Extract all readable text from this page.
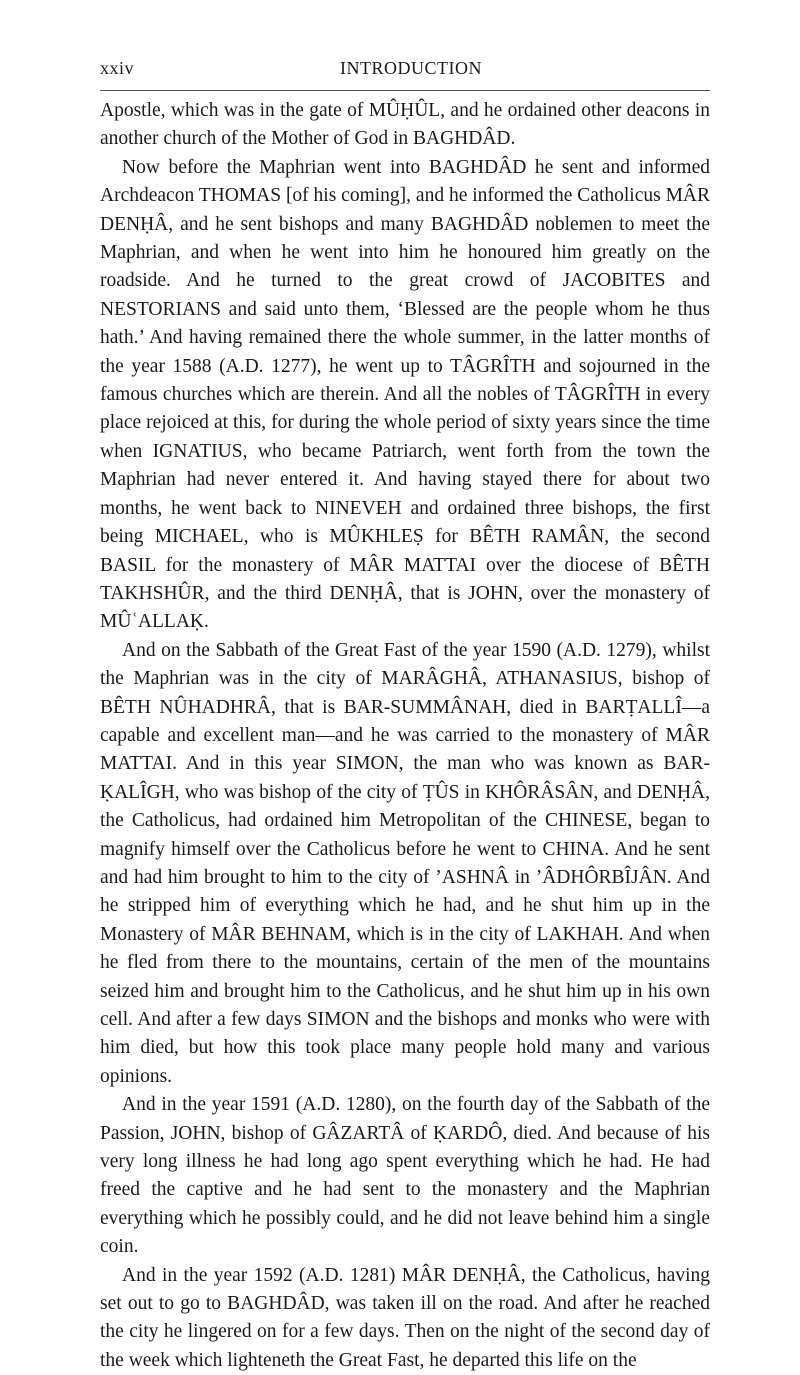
xxiv	INTRODUCTION

Apostle, which was in the gate of MÛḤÛL, and he ordained other deacons in another church of the Mother of God in BAGHDÂD.

Now before the Maphrian went into BAGHDÂD he sent and informed Archdeacon THOMAS [of his coming], and he informed the Catholicus MÂR DENḤÂ, and he sent bishops and many BAGHDÂD noblemen to meet the Maphrian, and when he went into him he honoured him greatly on the roadside. And he turned to the great crowd of JACOBITES and NESTORIANS and said unto them, ‘Blessed are the people whom he thus hath.’ And having remained there the whole summer, in the latter months of the year 1588 (A.D. 1277), he went up to TÂGRÎTH and sojourned in the famous churches which are therein. And all the nobles of TÂGRÎTH in every place rejoiced at this, for during the whole period of sixty years since the time when IGNATIUS, who became Patriarch, went forth from the town the Maphrian had never entered it. And having stayed there for about two months, he went back to NINEVEH and ordained three bishops, the first being MICHAEL, who is MÛKHLEṢ for BÊTH RAMÂN, the second BASIL for the monastery of MÂR MATTAI over the diocese of BÊTH TAKHSHÛR, and the third DENḤÂ, that is JOHN, over the monastery of MÛʿALLAḲ.

And on the Sabbath of the Great Fast of the year 1590 (A.D. 1279), whilst the Maphrian was in the city of MARÂGHÂ, ATHANASIUS, bishop of BÊTH NÛHADHRÂ, that is BAR-SUMMÂNAH, died in BARṬALLÎ—a capable and excellent man—and he was carried to the monastery of MÂR MATTAI. And in this year SIMON, the man who was known as BAR-ḲALÎGH, who was bishop of the city of ṬÛS in KHÔRÂSÂN, and DENḤÂ, the Catholicus, had ordained him Metropolitan of the CHINESE, began to magnify himself over the Catholicus before he went to CHINA. And he sent and had him brought to him to the city of ’ASHNÂ in ’ÂDHÔRBÎJÂN. And he stripped him of everything which he had, and he shut him up in the Monastery of MÂR BEHNAM, which is in the city of LAKHAH. And when he fled from there to the mountains, certain of the men of the mountains seized him and brought him to the Catholicus, and he shut him up in his own cell. And after a few days SIMON and the bishops and monks who were with him died, but how this took place many people hold many and various opinions.

And in the year 1591 (A.D. 1280), on the fourth day of the Sabbath of the Passion, JOHN, bishop of GÂZARTÂ of ḲARDÔ, died. And because of his very long illness he had long ago spent everything which he had. He had freed the captive and he had sent to the monastery and the Maphrian everything which he possibly could, and he did not leave behind him a single coin.

And in the year 1592 (A.D. 1281) MÂR DENḤÂ, the Catholicus, having set out to go to BAGHDÂD, was taken ill on the road. And after he reached the city he lingered on for a few days. Then on the night of the second day of the week which lighteneth the Great Fast, he departed this life on the
